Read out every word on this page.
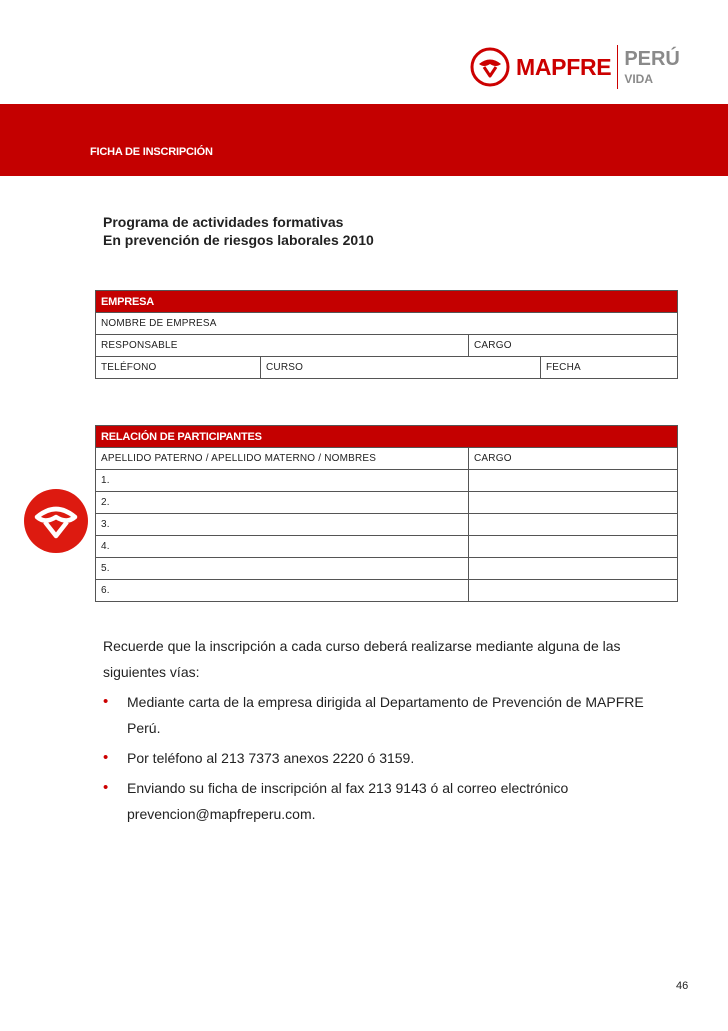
MAPFRE PERÚ
VIDA
FICHA DE INSCRIPCIÓN
Programa de actividades formativas
En prevención de riesgos laborales 2010
EMPRESA			
NOMBRE DE EMPRESA			
RESPONSABLE		CARGO	
TELÉFONO	CURSO		FECHA
RELACIÓN DE PARTICIPANTES	
APELLIDO PATERNO / APELLIDO MATERNO / NOMBRES	CARGO
1.	
2.	
3.	
4.	
5.	
6.	

Recuerde que la inscripción a cada curso deberá realizarse mediante alguna de las siguientes vías:

• Mediante carta de la empresa dirigida al Departamento de Prevención de MAPFRE Perú.
• Por teléfono al 213 7373 anexos 2220 ó 3159.
• Enviando su ficha de inscripción al fax 213 9143 ó al correo electrónico prevencion@mapfreperu.com.
46
